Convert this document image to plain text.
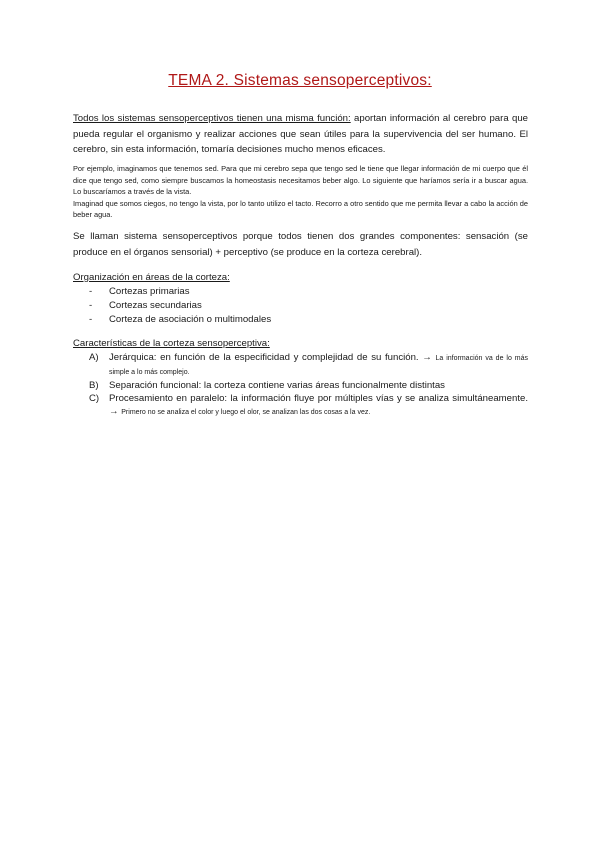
TEMA 2. Sistemas sensoperceptivos:
Todos los sistemas sensoperceptivos tienen una misma función: aportan información al cerebro para que pueda regular el organismo y realizar acciones que sean útiles para la supervivencia del ser humano. El cerebro, sin esta información, tomaría decisiones mucho menos eficaces.
Por ejemplo, imaginamos que tenemos sed. Para que mi cerebro sepa que tengo sed le tiene que llegar información de mi cuerpo que él dice que tengo sed, como siempre buscamos la homeostasis necesitamos beber algo. Lo siguiente que haríamos sería ir a buscar agua. Lo buscaríamos a través de la vista.
Imaginad que somos ciegos, no tengo la vista, por lo tanto utilizo el tacto. Recorro a otro sentido que me permita llevar a cabo la acción de beber agua.
Se llaman sistema sensoperceptivos porque todos tienen dos grandes componentes: sensación (se produce en el órganos sensorial) + perceptivo (se produce en la corteza cerebral).
Organización en áreas de la corteza:
- Cortezas primarias
- Cortezas secundarias
- Corteza de asociación o multimodales
Características de la corteza sensoperceptiva:
A) Jerárquica: en función de la especificidad y complejidad de su función. → La información va de lo más simple a lo más complejo.
B) Separación funcional: la corteza contiene varias áreas funcionalmente distintas
C) Procesamiento en paralelo: la información fluye por múltiples vías y se analiza simultáneamente. → Primero no se analiza el color y luego el olor, se analizan las dos cosas a la vez.
